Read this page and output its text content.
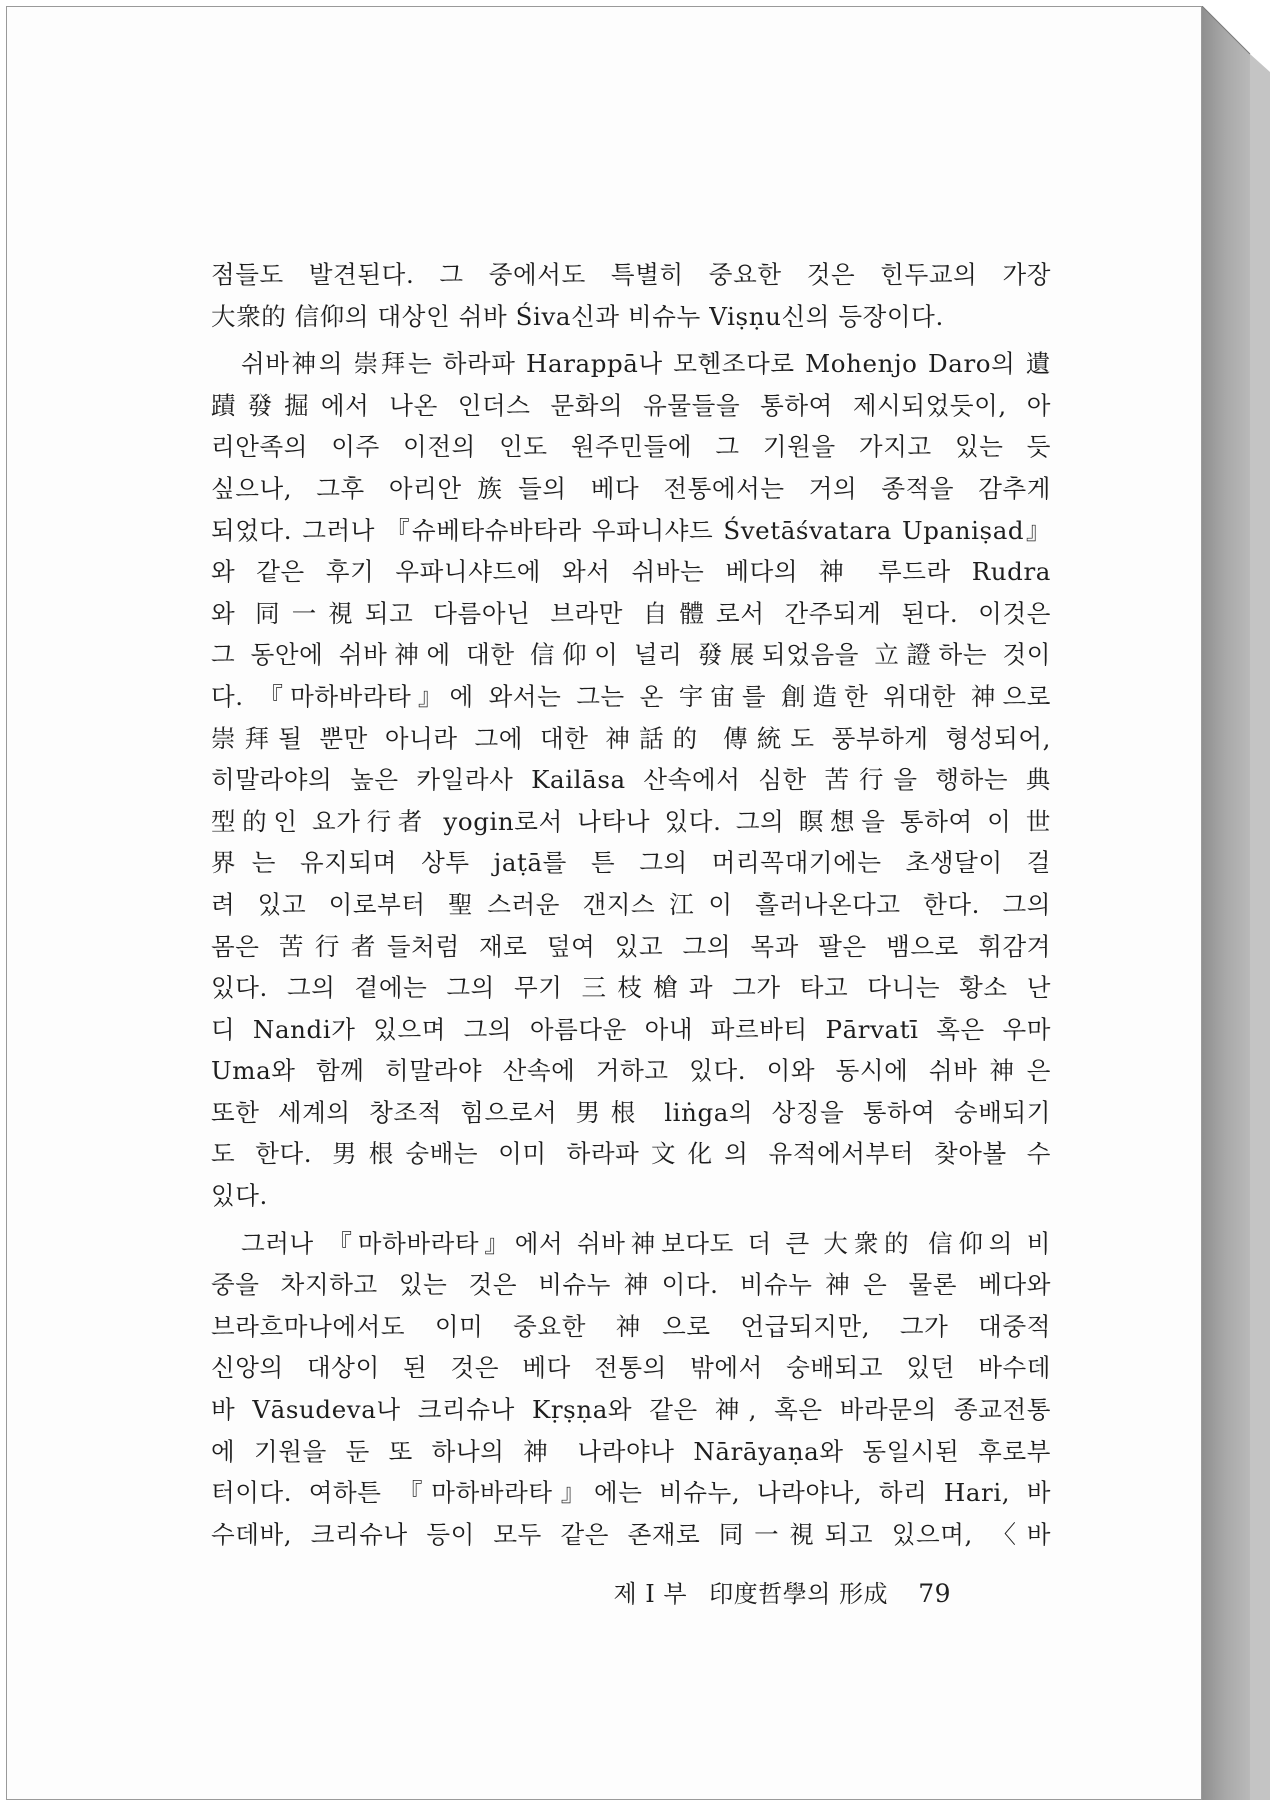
점들도 발견된다. 그 중에서도 특별히 중요한 것은 힌두교의 가장
大衆的 信仰의 대상인 쉬바 Śiva신과 비슈누 Viṣṇu신의 등장이다.
쉬바神의 崇拜는 하라파 Harappā나 모헨조다로 Mohenjo Daro의 遺
蹟發掘에서 나온 인더스 문화의 유물들을 통하여 제시되었듯이, 아
리안족의 이주 이전의 인도 원주민들에 그 기원을 가지고 있는 듯
싶으나, 그후 아리안族들의 베다 전통에서는 거의 종적을 감추게
되었다. 그러나 『슈베타슈바타라 우파니샤드 Śvetāśvatara Upaniṣad』
와 같은 후기 우파니샤드에 와서 쉬바는 베다의 神 루드라 Rudra
와 同一視되고 다름아닌 브라만 自體로서 간주되게 된다. 이것은
그 동안에 쉬바神에 대한 信仰이 널리 發展되었음을 立證하는 것이
다. 『마하바라타』에 와서는 그는 온 宇宙를 創造한 위대한 神으로
崇拜될 뿐만 아니라 그에 대한 神話的 傳統도 풍부하게 형성되어,
히말라야의 높은 카일라사 Kailāsa 산속에서 심한 苦行을 행하는 典
型的인 요가行者 yogin로서 나타나 있다. 그의 瞑想을 통하여 이 世
界는 유지되며 상투 jaṭā를 튼 그의 머리꼭대기에는 초생달이 걸
려 있고 이로부터 聖스러운 갠지스江이 흘러나온다고 한다. 그의
몸은 苦行者들처럼 재로 덮여 있고 그의 목과 팔은 뱀으로 휘감겨
있다. 그의 곁에는 그의 무기 三枝槍과 그가 타고 다니는 황소 난
디 Nandi가 있으며 그의 아름다운 아내 파르바티 Pārvatī 혹은 우마
Uma와 함께 히말라야 산속에 거하고 있다. 이와 동시에 쉬바神은
또한 세계의 창조적 힘으로서 男根 liṅga의 상징을 통하여 숭배되기
도 한다. 男根숭배는 이미 하라파文化의 유적에서부터 찾아볼 수
있다.
그러나 『마하바라타』에서 쉬바神보다도 더 큰 大衆的 信仰의 비
중을 차지하고 있는 것은 비슈누神이다. 비슈누神은 물론 베다와
브라흐마나에서도 이미 중요한 神으로 언급되지만, 그가 대중적
신앙의 대상이 된 것은 베다 전통의 밖에서 숭배되고 있던 바수데
바 Vāsudeva나 크리슈나 Kṛṣṇa와 같은 神, 혹은 바라문의 종교전통
에 기원을 둔 또 하나의 神 나라야나 Nārāyaṇa와 동일시된 후로부
터이다. 여하튼 『마하바라타』에는 비슈누, 나라야나, 하리 Hari, 바
수데바, 크리슈나 등이 모두 같은 존재로 同一視되고 있으며, 〈바
제 I 부 印度哲學의 形成 79
